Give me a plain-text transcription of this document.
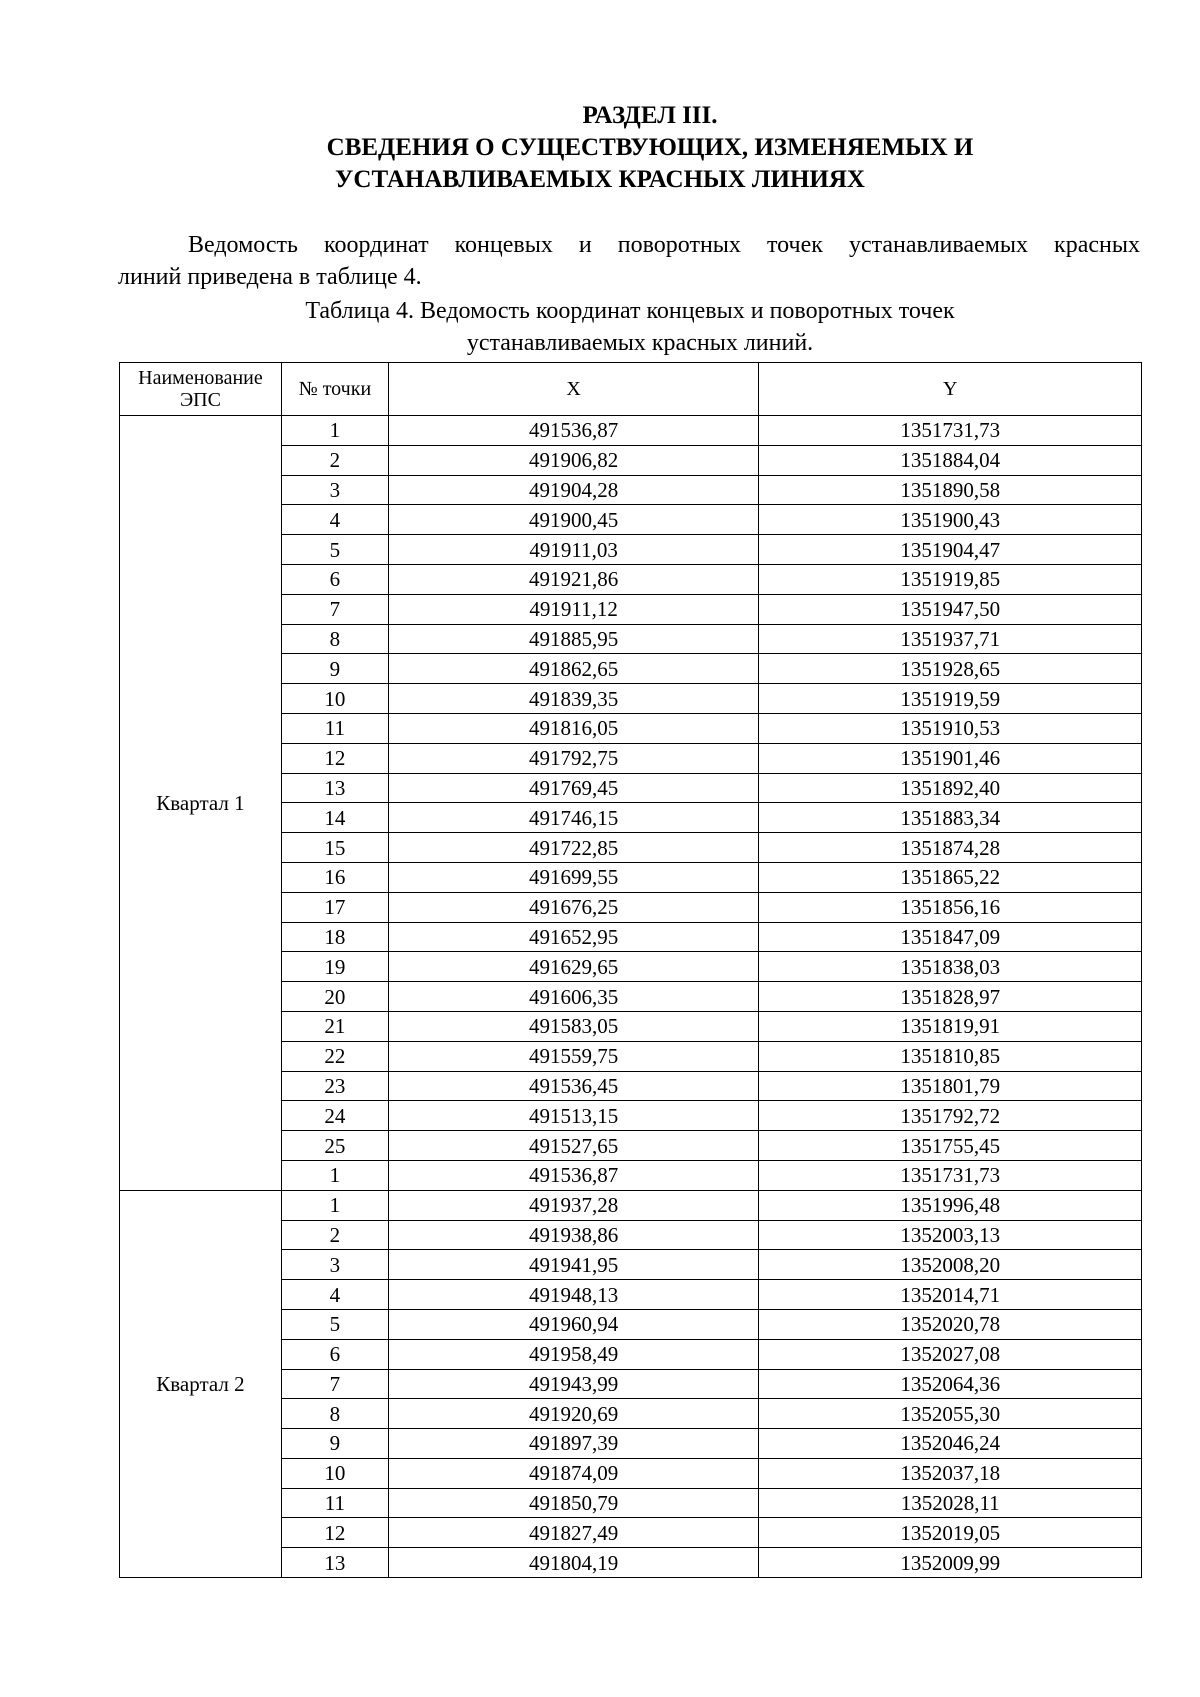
РАЗДЕЛ III.
СВЕДЕНИЯ О СУЩЕСТВУЮЩИХ, ИЗМЕНЯЕМЫХ И
УСТАНАВЛИВАЕМЫХ КРАСНЫХ ЛИНИЯХ
Ведомость координат концевых и поворотных точек устанавливаемых красных
линий приведена в таблице 4.
Таблица 4. Ведомость координат концевых и поворотных точек
устанавливаемых красных линий.
Наименование ЭПС	№ точки	X	Y
Квартал 1	1	491536,87	1351731,73
	2	491906,82	1351884,04
	3	491904,28	1351890,58
	4	491900,45	1351900,43
	5	491911,03	1351904,47
	6	491921,86	1351919,85
	7	491911,12	1351947,50
	8	491885,95	1351937,71
	9	491862,65	1351928,65
	10	491839,35	1351919,59
	11	491816,05	1351910,53
	12	491792,75	1351901,46
	13	491769,45	1351892,40
	14	491746,15	1351883,34
	15	491722,85	1351874,28
	16	491699,55	1351865,22
	17	491676,25	1351856,16
	18	491652,95	1351847,09
	19	491629,65	1351838,03
	20	491606,35	1351828,97
	21	491583,05	1351819,91
	22	491559,75	1351810,85
	23	491536,45	1351801,79
	24	491513,15	1351792,72
	25	491527,65	1351755,45
	1	491536,87	1351731,73
Квартал 2	1	491937,28	1351996,48
	2	491938,86	1352003,13
	3	491941,95	1352008,20
	4	491948,13	1352014,71
	5	491960,94	1352020,78
	6	491958,49	1352027,08
	7	491943,99	1352064,36
	8	491920,69	1352055,30
	9	491897,39	1352046,24
	10	491874,09	1352037,18
	11	491850,79	1352028,11
	12	491827,49	1352019,05
	13	491804,19	1352009,99
